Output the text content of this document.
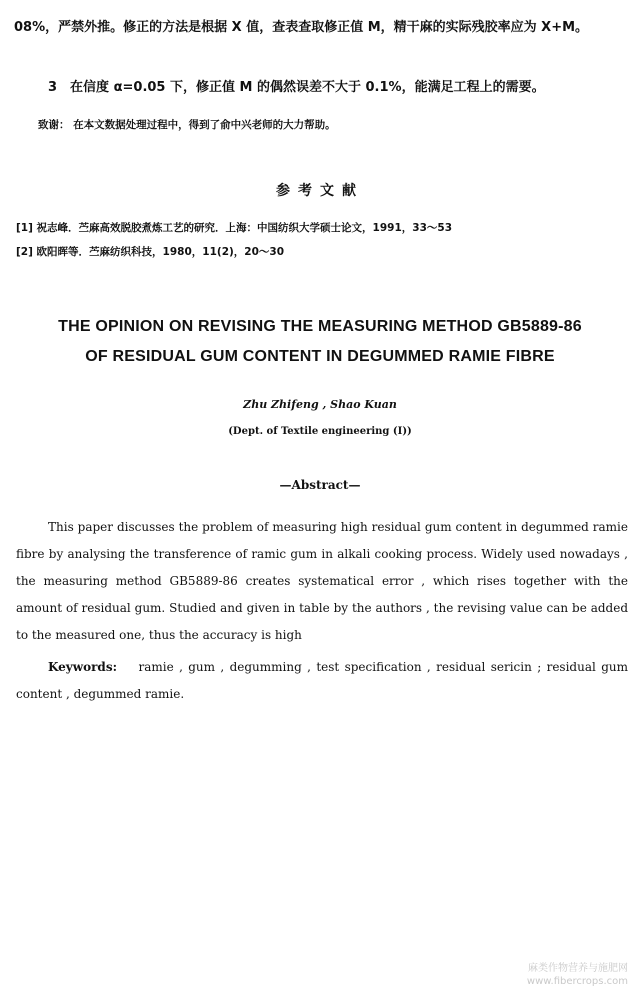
08%，严禁外推。修正的方法是根据 X 值，查表查取修正值 M，精干麻的实际残胶率应为 X+M。
3　在信度 α=0.05 下，修正值 M 的偶然误差不大于 0.1%，能满足工程上的需要。
致谢： 在本文数据处理过程中，得到了俞中兴老师的大力帮助。
参考文献
[1] 祝志峰．苎麻高效脱胶煮炼工艺的研究．上海：中国纺织大学硕士论文，1991，33～53
[2] 欧阳晖等．苎麻纺织科技，1980，11(2)，20～30
THE OPINION ON REVISING THE MEASURING METHOD GB5889-86
OF RESIDUAL GUM CONTENT IN DEGUMMED RAMIE FIBRE
Zhu Zhifeng , Shao Kuan
(Dept. of Textile engineering (I))
—Abstract—
This paper discusses the problem of measuring high residual gum content in degummed ramie fibre by analysing the transference of ramic gum in alkali cooking process. Widely used nowadays , the measuring method GB5889-86 creates systematical error , which rises together with the amount of residual gum. Studied and given in table by the authors , the revising value can be added to the measured one, thus the accuracy is high
Keywords: ramie , gum , degumming , test specification , residual sericin ; residual gum content , degummed ramie.
麻类作物营养与施肥网
www.fibercrops.com
